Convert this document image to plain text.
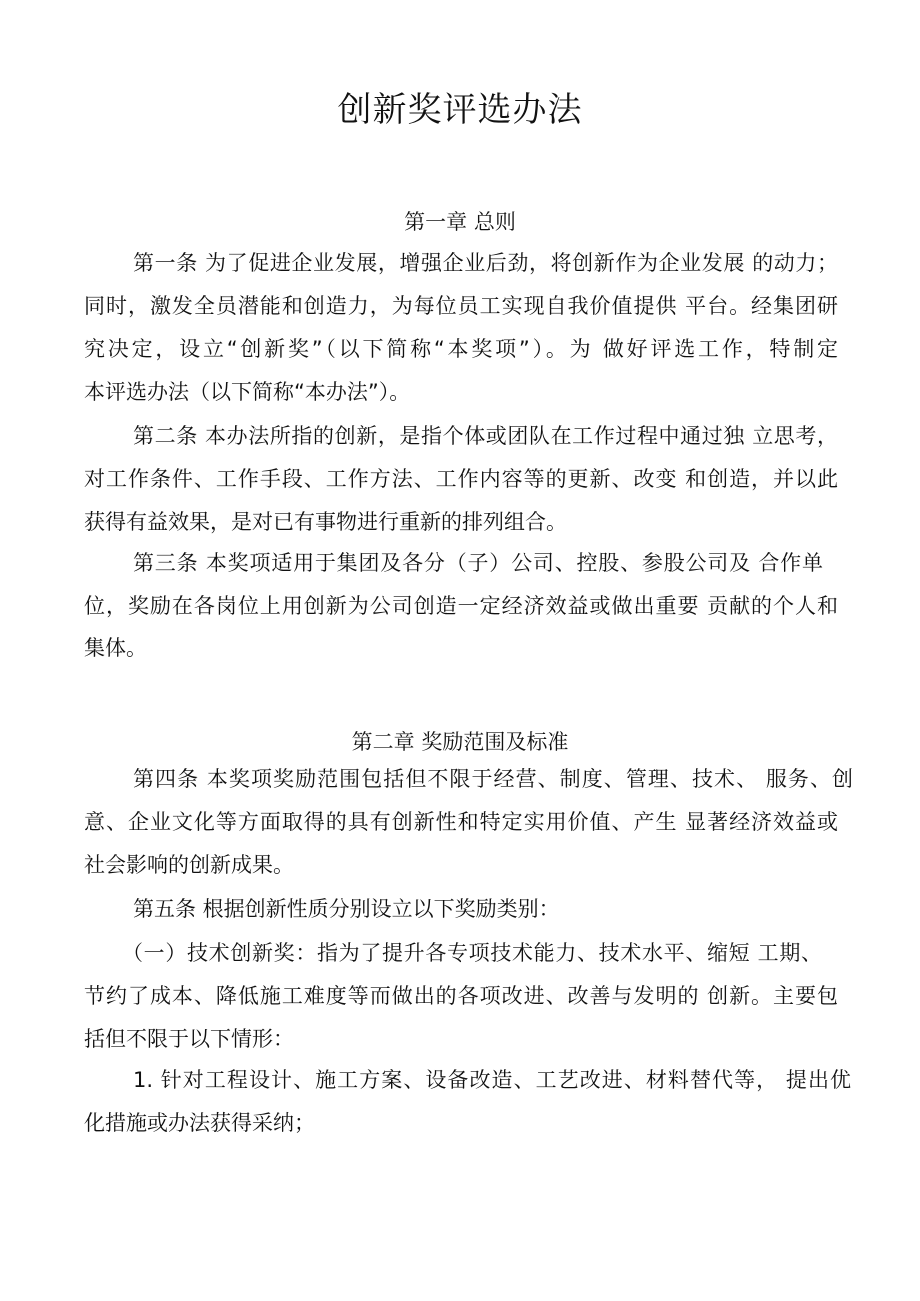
创新奖评选办法
第一章 总则
第一条 为了促进企业发展，增强企业后劲，将创新作为企业发展 的动力；
同时，激发全员潜能和创造力，为每位员工实现自我价值提供 平台。经集团研
究决定，设立“创新奖”（以下简称“本奖项”）。为 做好评选工作，特制定
本评选办法（以下简称“本办法”）。
第二条 本办法所指的创新，是指个体或团队在工作过程中通过独 立思考，
对工作条件、工作手段、工作方法、工作内容等的更新、改变 和创造，并以此
获得有益效果，是对已有事物进行重新的排列组合。
第三条 本奖项适用于集团及各分（子）公司、控股、参股公司及 合作单
位，奖励在各岗位上用创新为公司创造一定经济效益或做出重要 贡献的个人和
集体。
第二章 奖励范围及标准
第四条 本奖项奖励范围包括但不限于经营、制度、管理、技术、 服务、创
意、企业文化等方面取得的具有创新性和特定实用价值、产生 显著经济效益或
社会影响的创新成果。
第五条 根据创新性质分别设立以下奖励类别：
（一）技术创新奖：指为了提升各专项技术能力、技术水平、缩短 工期、
节约了成本、降低施工难度等而做出的各项改进、改善与发明的 创新。主要包
括但不限于以下情形：
1. 针对工程设计、施工方案、设备改造、工艺改进、材料替代等， 提出优
化措施或办法获得采纳；
